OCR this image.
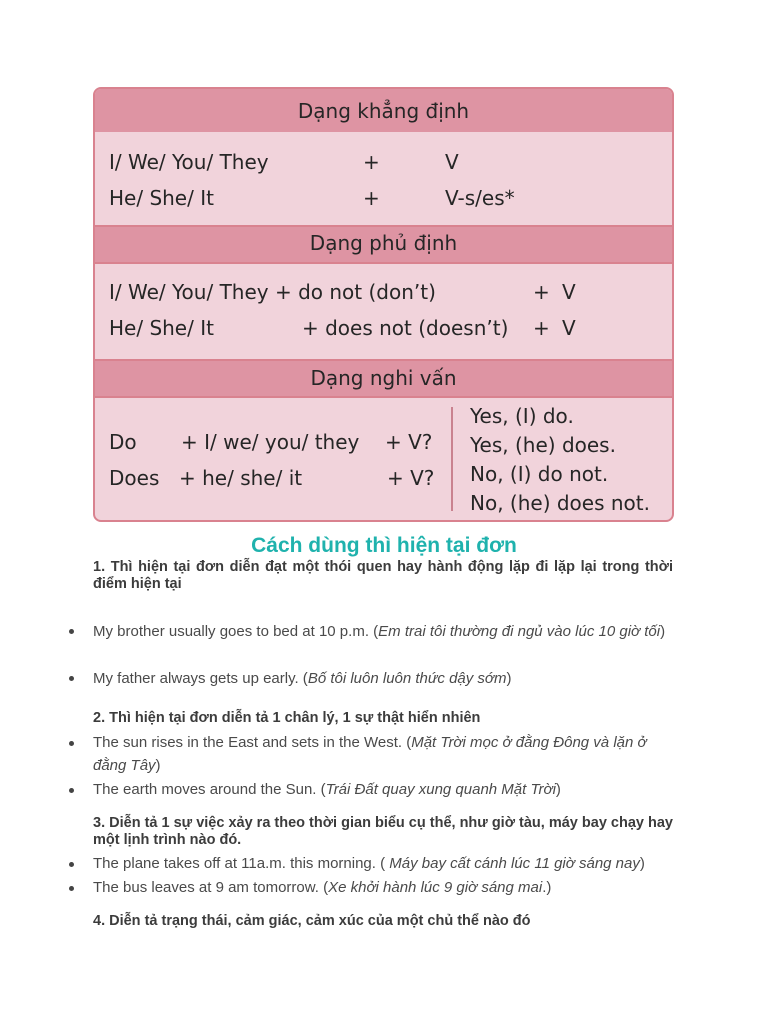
Dạng khẳng định
I/ We/ You/ They	+	V
He/ She/ It	+	V-s/es*
Dạng phủ định
I/ We/ You/ They + do not (don’t)	+ V
He/ She/ It	+ does not (doesn’t) + V
Dạng nghi vấn
Do + I/ we/ you/ they + V?
Does + he/ she/ it	+ V?
Yes, (I) do.
Yes, (he) does.
No, (I) do not.
No, (he) does not.
Cách dùng thì hiện tại đơn
1. Thì hiện tại đơn diễn đạt một thói quen hay hành động lặp đi lặp lại trong thời điểm hiện tại
My brother usually goes to bed at 10 p.m. (Em trai tôi thường đi ngủ vào lúc 10 giờ tối)
My father always gets up early. (Bố tôi luôn luôn thức dậy sớm)
2. Thì hiện tại đơn diễn tả 1 chân lý, 1 sự thật hiển nhiên
The sun rises in the East and sets in the West. (Mặt Trời mọc ở đằng Đông và lặn ở đằng Tây)
The earth moves around the Sun. (Trái Đất quay xung quanh Mặt Trời)
3. Diễn tả 1 sự việc xảy ra theo thời gian biểu cụ thể, như giờ tàu, máy bay chạy hay một lịnh trình nào đó.
The plane takes off at 11a.m. this morning. ( Máy bay cất cánh lúc 11 giờ sáng nay)
The bus leaves at 9 am tomorrow. (Xe khởi hành lúc 9 giờ sáng mai.)
4. Diễn tả trạng thái, cảm giác, cảm xúc của một chủ thể nào đó
